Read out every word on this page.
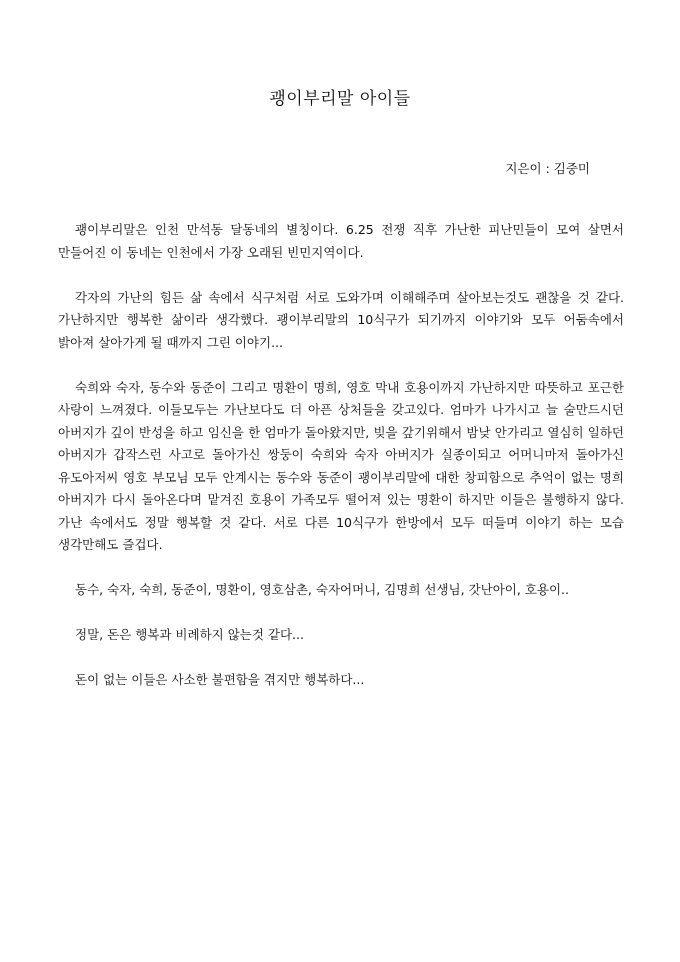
괭이부리말 아이들
지은이 : 김중미

괭이부리말은 인천 만석동 달동네의 별칭이다. 6.25 전쟁 직후 가난한 피난민들이 모여 살면서 만들어진 이 동네는 인천에서 가장 오래된 빈민지역이다.

각자의 가난의 힘든 삶 속에서 식구처럼 서로 도와가며 이해해주며 살아보는것도 괜찮을 것 같다. 가난하지만 행복한 삶이라 생각했다. 괭이부리말의 10식구가 되기까지 이야기와 모두 어둠속에서 밝아져 살아가게 될 때까지 그린 이야기...

숙희와 숙자, 동수와 동준이 그리고 명환이 명희, 영호 막내 호용이까지 가난하지만 따뜻하고 포근한 사랑이 느껴졌다. 이들모두는 가난보다도 더 아픈 상처들을 갖고있다. 엄마가 나가시고 늘 술만드시던 아버지가 깊이 반성을 하고 임신을 한 엄마가 돌아왔지만, 빚을 갚기위해서 밤낮 안가리고 열심히 일하던 아버지가 갑작스런 사고로 돌아가신 쌍둥이 숙희와 숙자 아버지가 실종이되고 어머니마저 돌아가신 유도아저씨 영호 부모님 모두 안계시는 동수와 동준이 괭이부리말에 대한 창피함으로 추억이 없는 명희 아버지가 다시 돌아온다며 맡겨진 호용이 가족모두 떨어져 있는 명환이 하지만 이들은 불행하지 않다. 가난 속에서도 정말 행복할 것 같다. 서로 다른 10식구가 한방에서 모두 떠들며 이야기 하는 모습 생각만해도 즐겁다.

동수, 숙자, 숙희, 동준이, 명환이, 영호삼촌, 숙자어머니, 김명희 선생님, 갓난아이, 호용이..

정말, 돈은 행복과 비례하지 않는것 같다...

돈이 없는 이들은 사소한 불편함을 겪지만 행복하다...
